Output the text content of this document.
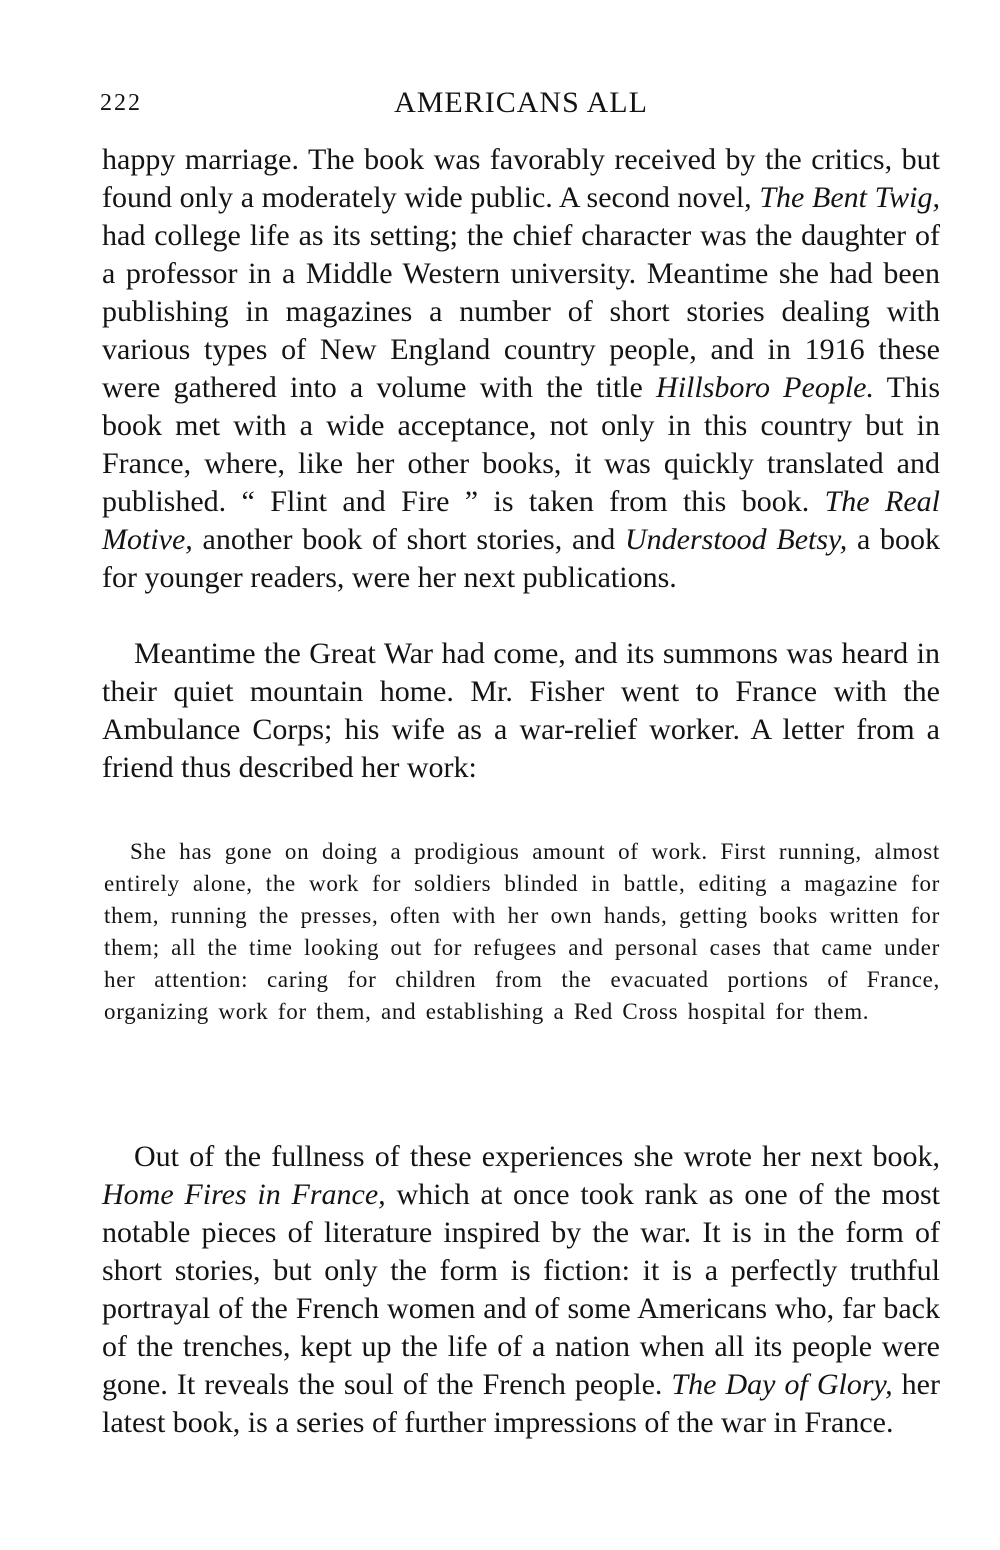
222	AMERICANS ALL

happy marriage. The book was favorably received by the critics, but found only a moderately wide public. A second novel, The Bent Twig, had college life as its setting; the chief character was the daughter of a professor in a Middle Western university. Meantime she had been publishing in magazines a number of short stories dealing with various types of New England country people, and in 1916 these were gathered into a volume with the title Hillsboro People. This book met with a wide acceptance, not only in this country but in France, where, like her other books, it was quickly translated and published. “ Flint and Fire ” is taken from this book. The Real Motive, another book of short stories, and Understood Betsy, a book for younger readers, were her next publications.

Meantime the Great War had come, and its summons was heard in their quiet mountain home. Mr. Fisher went to France with the Ambulance Corps; his wife as a war-relief worker. A letter from a friend thus described her work:

She has gone on doing a prodigious amount of work. First running, almost entirely alone, the work for soldiers blinded in battle, editing a magazine for them, running the presses, often with her own hands, getting books written for them; all the time looking out for refugees and personal cases that came under her attention: caring for children from the evacuated portions of France, organizing work for them, and establishing a Red Cross hospital for them.

Out of the fullness of these experiences she wrote her next book, Home Fires in France, which at once took rank as one of the most notable pieces of literature inspired by the war. It is in the form of short stories, but only the form is fiction: it is a perfectly truthful portrayal of the French women and of some Americans who, far back of the trenches, kept up the life of a nation when all its people were gone. It reveals the soul of the French people. The Day of Glory, her latest book, is a series of further impressions of the war in France.
